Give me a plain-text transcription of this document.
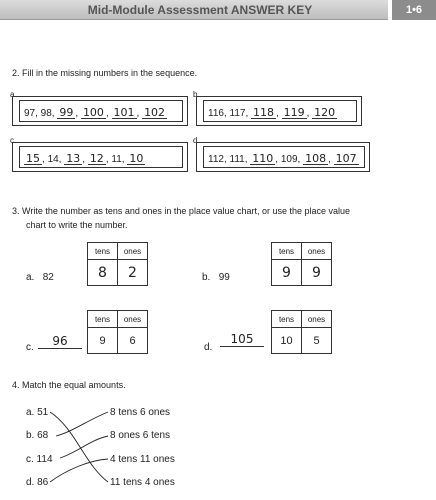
Mid-Module Assessment ANSWER KEY	1•6
2. Fill in the missing numbers in the sequence.
a.
97, 98, 99 , 100 , 101 , 102
b.
116, 117, 118 , 119 , 120
c.
15 , 14, 13 , 12 , 11, 10
d.
112, 111, 110 , 109, 108 , 107
3. Write the number as tens and ones in the place value chart, or use the place value
chart to write the number.
a. 82
tens	ones
8	2	b. 99
tens	ones
9	9
c.	96
tens	ones
9	6
d.
105
tens	ones
10	5
4. Match the equal amounts.
a. 51
b. 68
c. 114
d. 86
8 tens 6 ones
8 ones 6 tens
4 tens 11 ones
11 tens 4 ones
